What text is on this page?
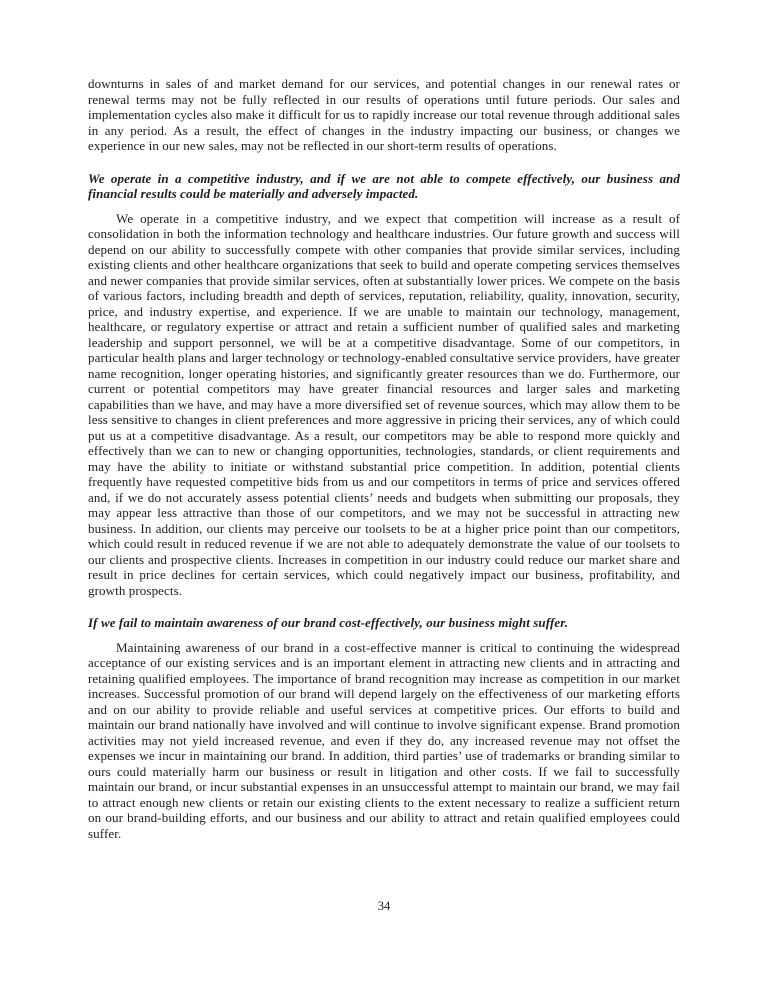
downturns in sales of and market demand for our services, and potential changes in our renewal rates or renewal terms may not be fully reflected in our results of operations until future periods. Our sales and implementation cycles also make it difficult for us to rapidly increase our total revenue through additional sales in any period. As a result, the effect of changes in the industry impacting our business, or changes we experience in our new sales, may not be reflected in our short-term results of operations.

We operate in a competitive industry, and if we are not able to compete effectively, our business and financial results could be materially and adversely impacted.

We operate in a competitive industry, and we expect that competition will increase as a result of consolidation in both the information technology and healthcare industries. Our future growth and success will depend on our ability to successfully compete with other companies that provide similar services, including existing clients and other healthcare organizations that seek to build and operate competing services themselves and newer companies that provide similar services, often at substantially lower prices. We compete on the basis of various factors, including breadth and depth of services, reputation, reliability, quality, innovation, security, price, and industry expertise, and experience. If we are unable to maintain our technology, management, healthcare, or regulatory expertise or attract and retain a sufficient number of qualified sales and marketing leadership and support personnel, we will be at a competitive disadvantage. Some of our competitors, in particular health plans and larger technology or technology-enabled consultative service providers, have greater name recognition, longer operating histories, and significantly greater resources than we do. Furthermore, our current or potential competitors may have greater financial resources and larger sales and marketing capabilities than we have, and may have a more diversified set of revenue sources, which may allow them to be less sensitive to changes in client preferences and more aggressive in pricing their services, any of which could put us at a competitive disadvantage. As a result, our competitors may be able to respond more quickly and effectively than we can to new or changing opportunities, technologies, standards, or client requirements and may have the ability to initiate or withstand substantial price competition. In addition, potential clients frequently have requested competitive bids from us and our competitors in terms of price and services offered and, if we do not accurately assess potential clients’ needs and budgets when submitting our proposals, they may appear less attractive than those of our competitors, and we may not be successful in attracting new business. In addition, our clients may perceive our toolsets to be at a higher price point than our competitors, which could result in reduced revenue if we are not able to adequately demonstrate the value of our toolsets to our clients and prospective clients. Increases in competition in our industry could reduce our market share and result in price declines for certain services, which could negatively impact our business, profitability, and growth prospects.

If we fail to maintain awareness of our brand cost-effectively, our business might suffer.

Maintaining awareness of our brand in a cost-effective manner is critical to continuing the widespread acceptance of our existing services and is an important element in attracting new clients and in attracting and retaining qualified employees. The importance of brand recognition may increase as competition in our market increases. Successful promotion of our brand will depend largely on the effectiveness of our marketing efforts and on our ability to provide reliable and useful services at competitive prices. Our efforts to build and maintain our brand nationally have involved and will continue to involve significant expense. Brand promotion activities may not yield increased revenue, and even if they do, any increased revenue may not offset the expenses we incur in maintaining our brand. In addition, third parties’ use of trademarks or branding similar to ours could materially harm our business or result in litigation and other costs. If we fail to successfully maintain our brand, or incur substantial expenses in an unsuccessful attempt to maintain our brand, we may fail to attract enough new clients or retain our existing clients to the extent necessary to realize a sufficient return on our brand-building efforts, and our business and our ability to attract and retain qualified employees could suffer.

34
